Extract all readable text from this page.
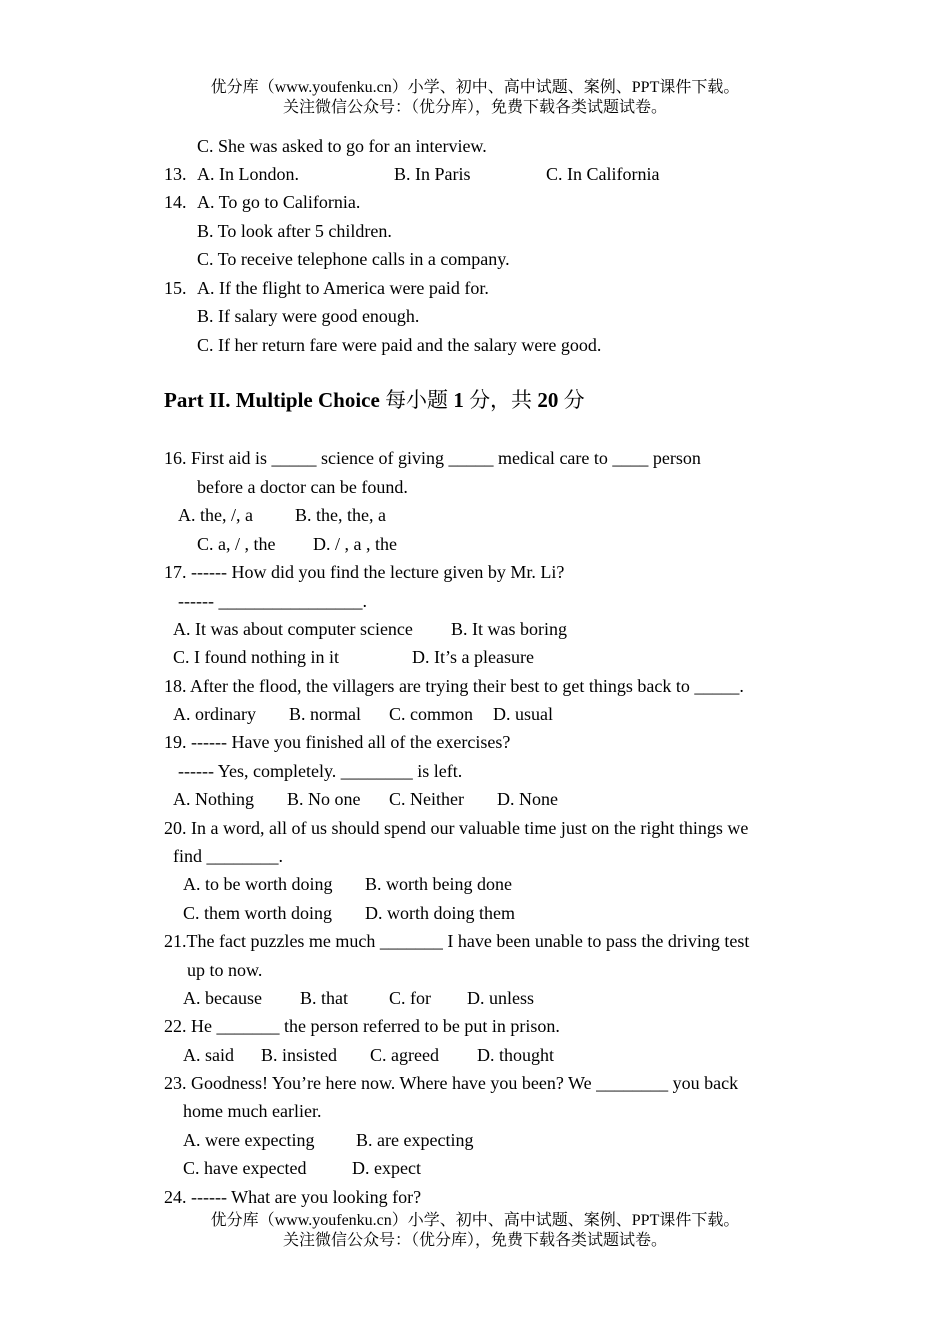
优分库（www.youfenku.cn）小学、初中、高中试题、案例、PPT课件下载。
关注微信公众号：（优分库），免费下载各类试题试卷。
C. She was asked to go for an interview.
13. A. In London.	B. In Paris	C. In California
14. A. To go to California.
B. To look after 5 children.
C. To receive telephone calls in a company.
15. A. If the flight to America were paid for.
B. If salary were good enough.
C. If her return fare were paid and the salary were good.
Part II. Multiple Choice 每小题 1 分，共 20 分
16. First aid is _____ science of giving _____ medical care to ____ person
before a doctor can be found.
A. the, /, a B. the, the, a
C. a, / , the D. / , a , the
17. ------ How did you find the lecture given by Mr. Li?
------ ________________.
A. It was about computer science B. It was boring
C. I found nothing in it	D. It’s a pleasure
18. After the flood, the villagers are trying their best to get things back to _____.
A. ordinary B. normal C. common D. usual
19. ------ Have you finished all of the exercises?
------ Yes, completely. ________ is left.
A. Nothing B. No one C. Neither D. None
20. In a word, all of us should spend our valuable time just on the right things we
find ________.
A. to be worth doing B. worth being done
C. them worth doing D. worth doing them
21.The fact puzzles me much _______ I have been unable to pass the driving test
up to now.
A. because B. that C. for D. unless
22. He _______ the person referred to be put in prison.
A. said B. insisted C. agreed D. thought
23. Goodness! You’re here now. Where have you been? We ________ you back
home much earlier.
A. were expecting B. are expecting
C. have expected	D. expect
24. ------ What are you looking for?
优分库（www.youfenku.cn）小学、初中、高中试题、案例、PPT课件下载。
关注微信公众号：（优分库），免费下载各类试题试卷。
